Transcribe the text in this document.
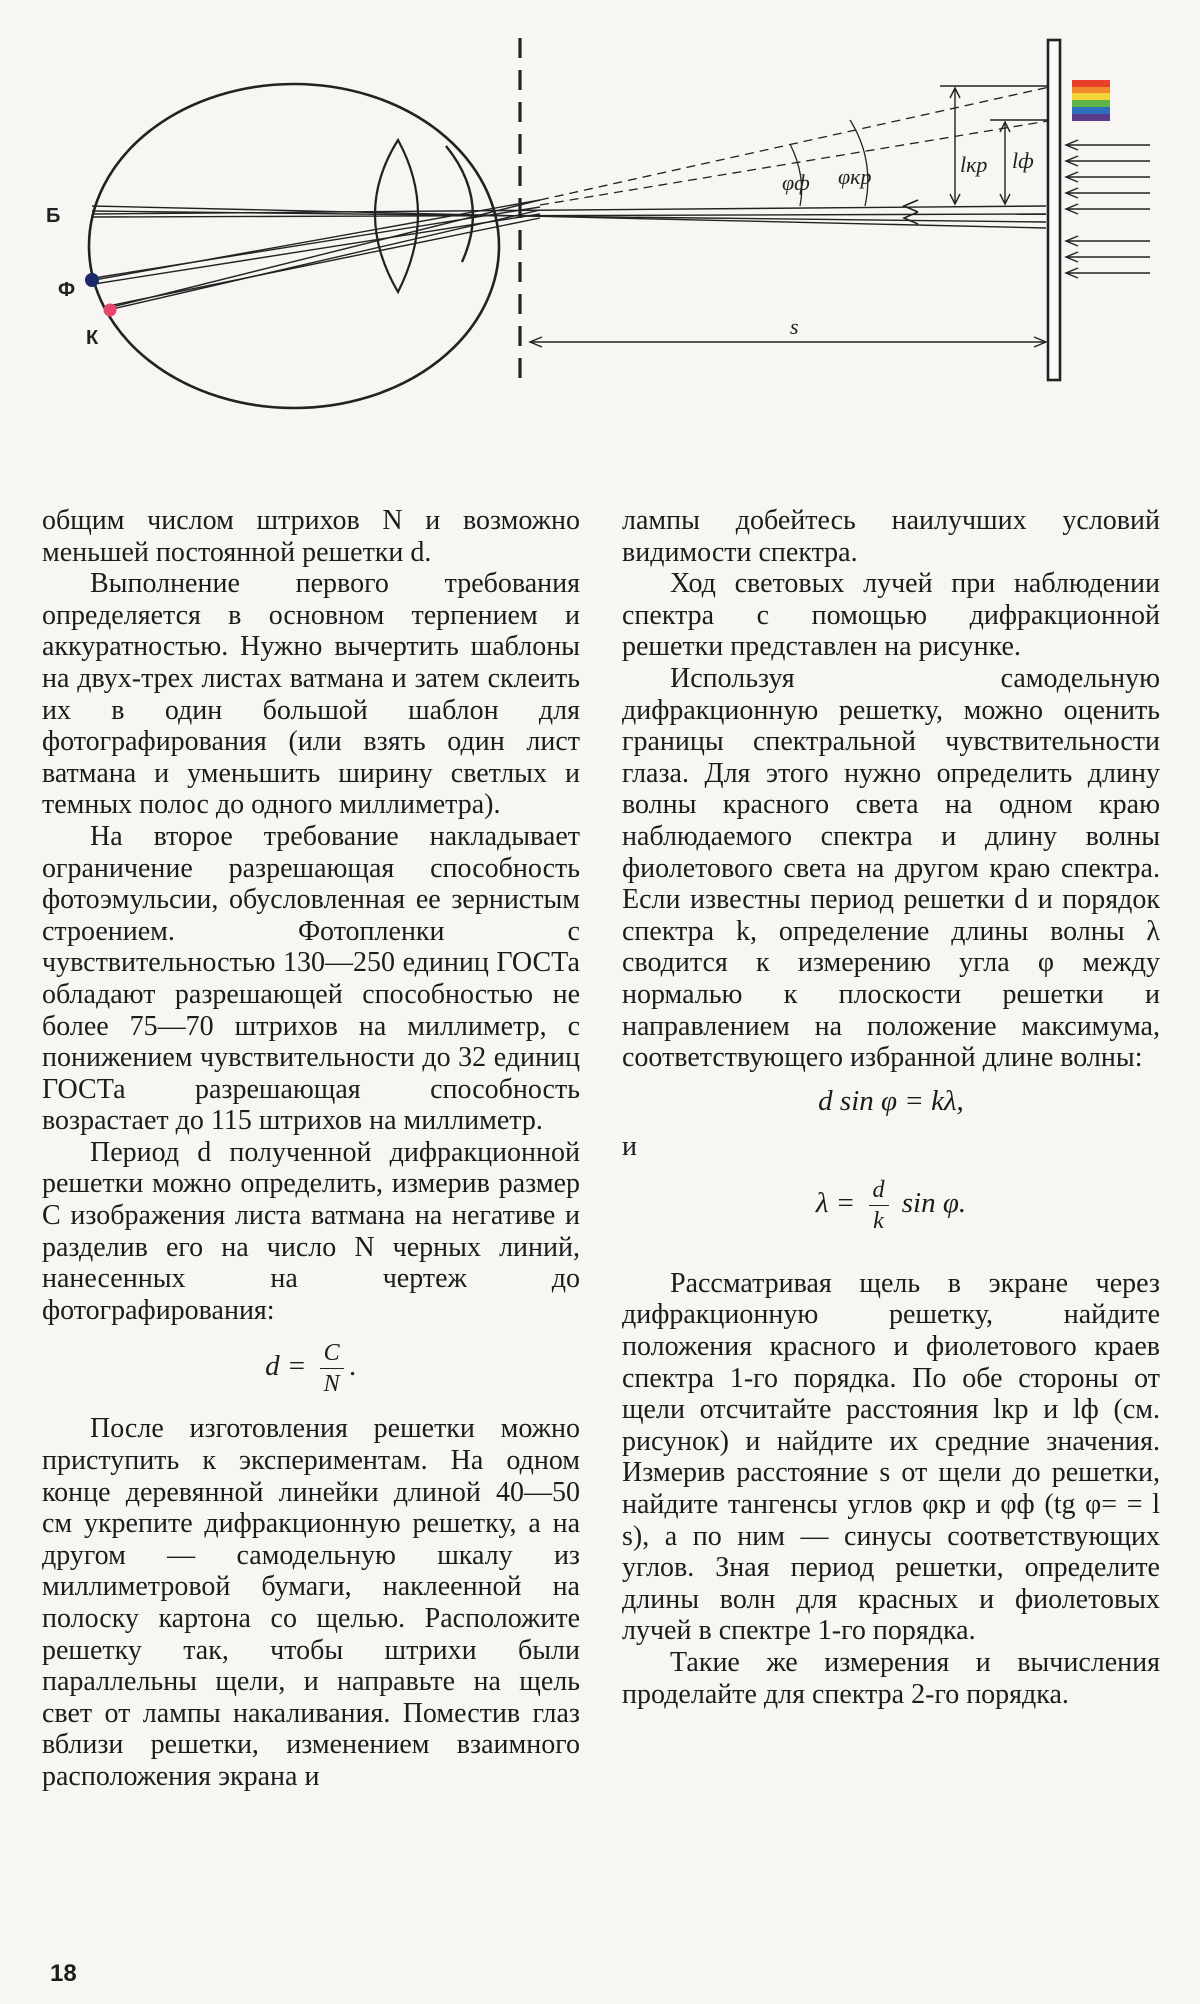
Б
Ф
К
φф φкр	lкр lф
s

общим числом штрихов N и возможно меньшей постоянной решетки d.

Выполнение первого требования определяется в основном терпением и аккуратностью. Нужно вычертить шаблоны на двух-трех листах ватмана и затем склеить их в один большой шаблон для фотографирования (или взять один лист ватмана и уменьшить ширину светлых и темных полос до одного миллиметра).

На второе требование накладывает ограничение разрешающая способность фотоэмульсии, обусловленная ее зернистым строением. Фотопленки с чувствительностью 130—250 единиц ГОСТа обладают разрешающей способностью не более 75—70 штрихов на миллиметр, с понижением чувствительности до 32 единиц ГОСТа разрешающая способность возрастает до 115 штрихов на миллиметр.

Период d полученной дифракционной решетки можно определить, измерив размер C изображения листа ватмана на негативе и разделив его на число N черных линий, нанесенных на чертеж до фотографирования:

$d = \frac{C}{N}$ .

После изготовления решетки можно приступить к экспериментам. На одном конце деревянной линейки длиной 40—50 см укрепите дифракционную решетку, а на другом — самодельную шкалу из миллиметровой бумаги, наклеенной на полоску картона со щелью. Расположите решетку так, чтобы штрихи были параллельны щели, и направьте на щель свет от лампы накаливания. Поместив глаз вблизи решетки, изменением взаимного расположения экрана и

лампы добейтесь наилучших условий видимости спектра.

Ход световых лучей при наблюдении спектра с помощью дифракционной решетки представлен на рисунке.

Используя самодельную дифракционную решетку, можно оценить границы спектральной чувствительности глаза. Для этого нужно определить длину волны красного света на одном краю наблюдаемого спектра и длину волны фиолетового света на другом краю спектра. Если известны период решетки d и порядок спектра k, определение длины волны λ сводится к измерению угла φ между нормалью к плоскости решетки и направлением на положение максимума, соответствующего избранной длине волны:

d sin φ = kλ,

и

$\lambda = \frac{d}{k}$ sin φ.

Рассматривая щель в экране через дифракционную решетку, найдите положения красного и фиолетового краев спектра 1-го порядка. По обе стороны от щели отсчитайте расстояния lкр и lф (см. рисунок) и найдите их средние значения. Измерив расстояние s от щели до решетки, найдите тангенсы углов φкр и φф (tg φ= = l s), а по ним — синусы соответствующих углов. Зная период решетки, определите длины волн для красных и фиолетовых лучей в спектре 1-го порядка.

Такие же измерения и вычисления проделайте для спектра 2-го порядка.

18
